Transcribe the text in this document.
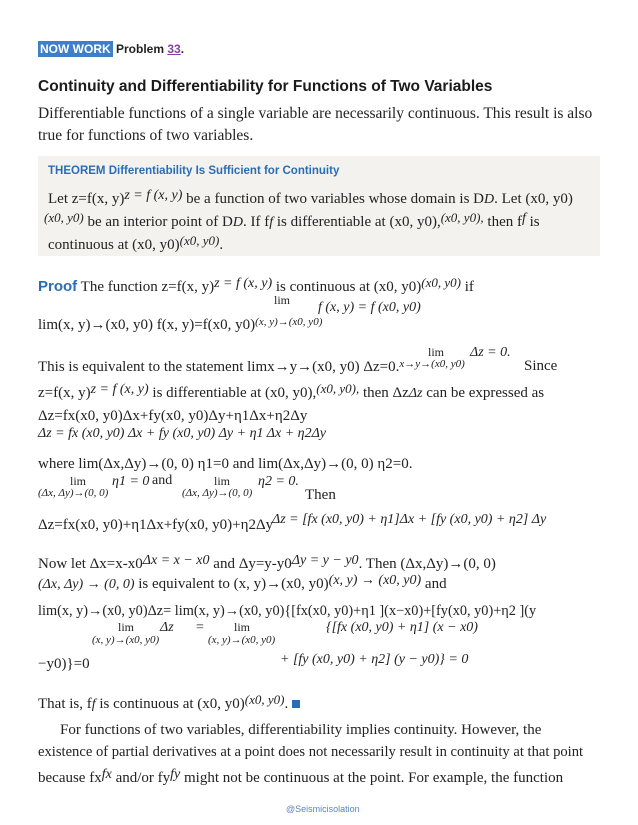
NOW WORK Problem 33.
Continuity and Differentiability for Functions of Two Variables
Differentiable functions of a single variable are necessarily continuous. This result is also true for functions of two variables.
THEOREM Differentiability Is Sufficient for Continuity
Let z=f(x, y)z = f (x, y) be a function of two variables whose domain is DD. Let (x0, y0)
(x0, y0) be an interior point of DD. If ff is differentiable at (x0, y0),(x0, y0), then ff is
continuous at (x0, y0)(x0, y0).
Proof The function z=f(x, y)z = f (x, y) is continuous at (x0, y0)(x0, y0) if
lim f (x, y) = f (x0, y0)
lim(x, y)→(x0, y0) f(x, y)=f(x0, y0)$^{(x, y)\to(x0, y0)}$
lim Δz = 0.
This is equivalent to the statement limx→y→(x0, y0) Δz=0.$^{x\to y\to(x0, y0)}$	Since
z=f(x, y)z = f (x, y) is differentiable at (x0, y0),(x0, y0), then ΔzΔz can be expressed as
Δz=fx(x0, y0)Δx+fy(x0, y0)Δy+η1Δx+η2Δy
Δz = fx (x0, y0) Δx + fy (x0, y0) Δy + η1 Δx + η2Δy
where lim(Δx,Δy)→(0, 0) η1=0 and lim(Δx,Δy)→(0, 0) η2=0.
lim
(Δx, Δy)→(0, 0)
η1 = 0 and	lim
(Δx, Δy)→(0, 0)
η2 = 0.
Then
Δz=fx(x0, y0)+η1Δx+fy(x0, y0)+η2Δy
Δz = [fx (x0, y0) + η1]Δx + [fy (x0, y0) + η2] Δy
Now let Δx=x-x0Δx = x − x0 and Δy=y-y0Δy = y − y0. Then (Δx,Δy)→(0, 0)
(Δx, Δy) → (0, 0) is equivalent to (x, y)→(x0, y0)(x, y) → (x0, y0) and
lim(x, y)→(x0, y0)Δz= lim(x, y)→(x0, y0){[fx(x0, y0)+η1 ](x−x0)+[fy(x0, y0)+η2 ](y
lim
(x, y)→(x0, y0)
Δz =	lim
(x, y)→(x0, y0)
{[fx (x0, y0) + η1] (x − x0)
−y0)}=0	+ [fy (x0, y0) + η2] (y − y0)} = 0
That is, ff is continuous at (x0, y0)(x0, y0).
For functions of two variables, differentiability implies continuity. However, the
existence of partial derivatives at a point does not necessarily result in continuity at that point
because fxfx and/or fyfy might not be continuous at the point. For example, the function
@Seismicisolation
